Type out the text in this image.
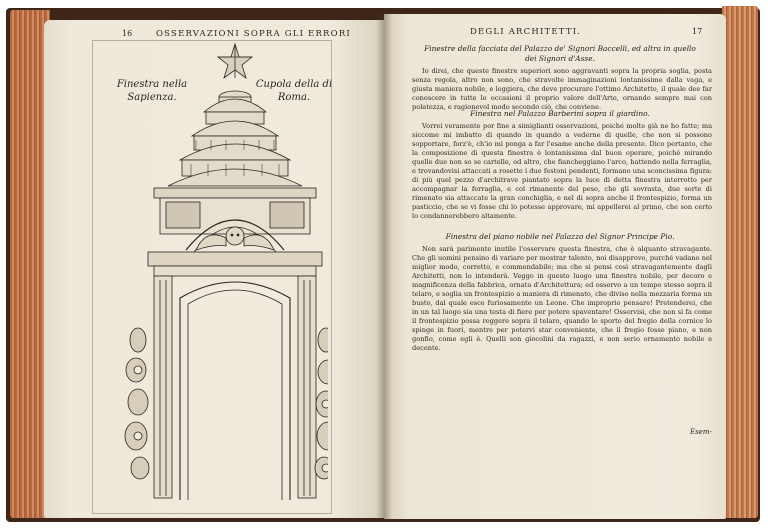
16	OSSERVAZIONI SOPRA GLI ERRORI
Finestra nella Sapienza.
Cupola della di Roma.
DEGLI ARCHITETTI.	17
Finestre della facciata del Palazzo de' Signori Baccelli, ed altra in quello dei Signori d'Asse.

Io direi, che queste finestre superiori sono aggravanti sopra la propria soglia, posta senza regola, altro non sono, che stravolte immaginazioni lontanissime dalla vaga, e giusta maniera nobile, e leggiera, che deve procurare l'ottimo Architetto, il quale dee far conoscere in tutte le occasioni il proprio valore dell'Arte, ornando sempre mai con polatezza, e ragionevol modo secondo ciò, che conviene.

Finestra nel Palazzo Barberini sopra il giardino.

Vorrei veramente por fine a simiglianti osservazioni, poiché molte già ne ho fatte; ma siccome mi imbatto di quando in quando a vederne di quelle, che non si possono sopportare, forz'è, ch'io mi ponga a far l'esame anche della presente. Dico pertanto, che la composizione di questa finestra è lontanissima dal buon operare, poiché mirando quelle due non so se cartelle, od altro, che fiancheggiano l'arco, battendo nella ferraglia, e trovandovisi attaccati a rosette i due festoni pendenti, formano una sconcissima figura: di più quel pezzo d'architrave piantato sopra la luce di detta finestra interrotto per accompagnar la ferraglia, e col rimanente del peso, che gli sovrasta, due sorte di rimenato sia attaccate la gran conchiglia, e nel di sopra anche il frontespizio, forma un pasticcio, che se vi fosse chi lo potesse approvare, mi appellerei al primo, che son certo lo condannerebbero altamente.

Finestra del piano nobile nel Palazzo del Signor Principe Pio.

Non sarà parimente inutile l'osservare questa finestra, che è alquanto stravagante. Che gli uomini pensino di variare per mostrar talento, noi disapprovo, purché vadano nel miglior modo, corretto, e commendabile; ma che si pensi così stravagantemente dagli Architetti, non lo intenderà. Veggo in questo luogo una finestra nobile, per decoro e magnificenza della fabbrica, ornata d'Architettura; ed osservo a un tempo stesso sopra il telaro, e soglia un frontespizio a maniera di rimenato, che diviso nella mezzaria forma un busto, dal quale esce furiosamente un Leone. Che improprio pensare! Pretenderei, che in un tal luogo sia una testa di fiere per potere spaventare! Osservisi, che non si fa come il frontespizio possa reggere sopra il telaro, quando lo sporto del fregio della cornice lo spinge in fuori, mentre per potervi star conveniente, che il fregio fosse piano, e non gonfio, come egli è. Quelli son giocolini da ragazzi, e non serio ornamento nobile e decente.

Esem-
